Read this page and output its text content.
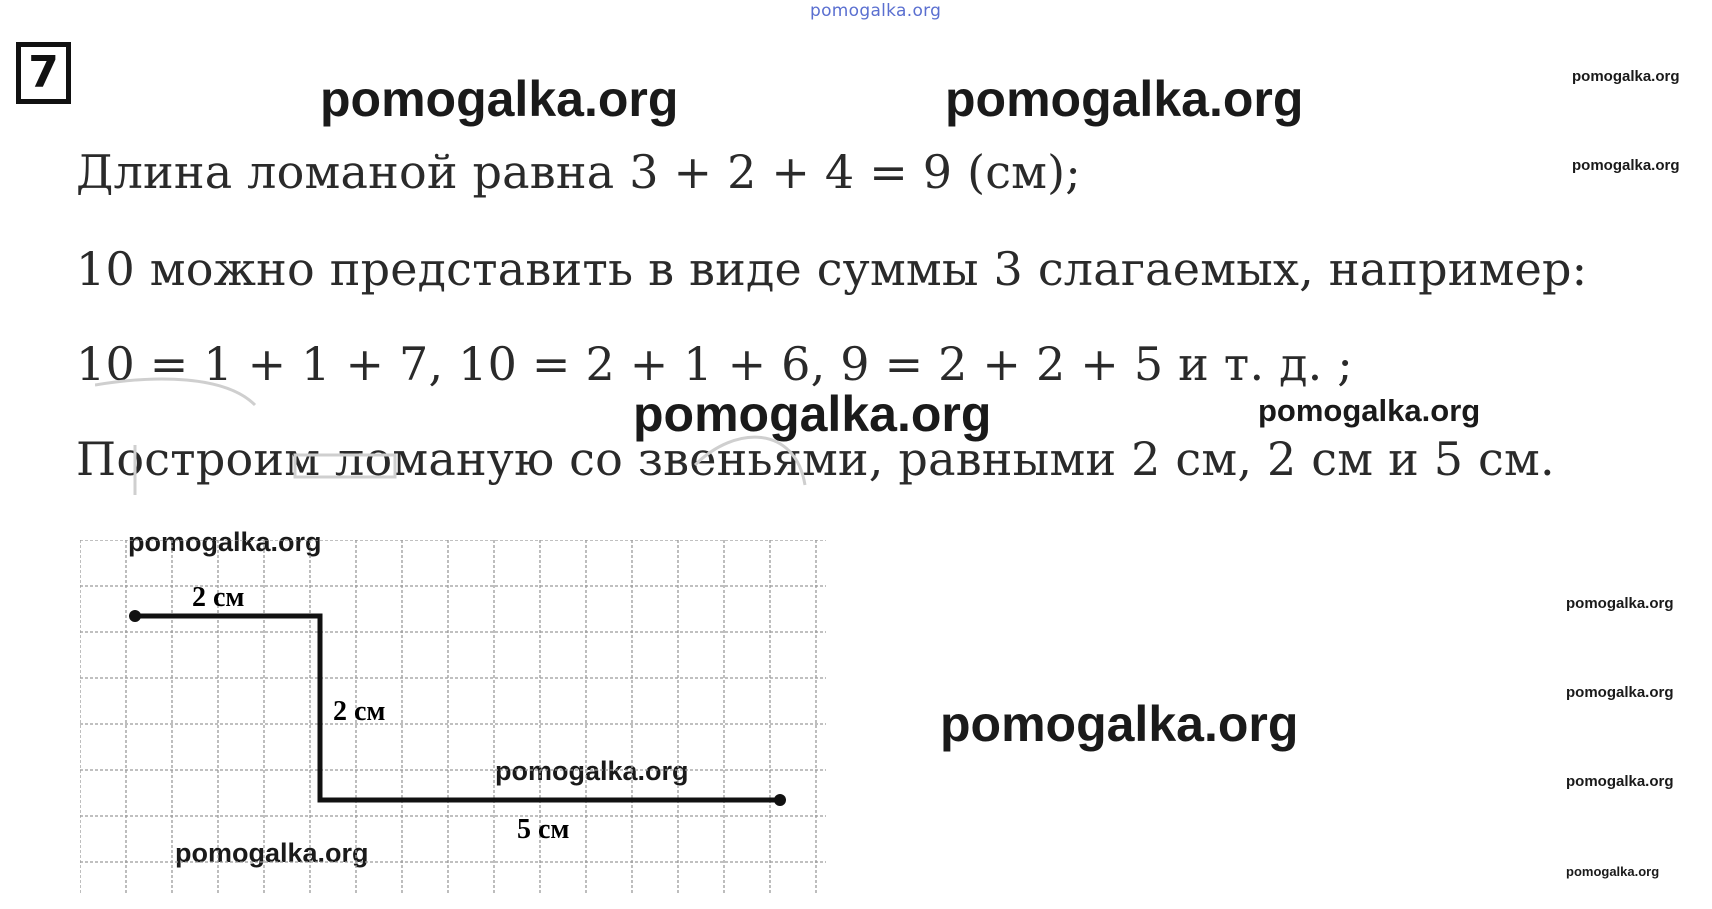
pomogalka.org
7	pomogalka.org	pomogalka.org
pomogalka.org
pomogalka.org
pomogalka.org
pomogalka.org
pomogalka.org
pomogalka.org
pomogalka.org
pomogalka.org
pomogalka.org
pomogalka.org
pomogalka.org
pomogalka.org
Длина ломаной равна 3 + 2 + 4 = 9 (см);
10 можно представить в виде суммы 3 слагаемых, например:
10 = 1 + 1 + 7, 10 = 2 + 1 + 6, 9 = 2 + 2 + 5 и т. д. ;
Построим ломаную со звеньями, равными 2 см, 2 см и 5 см.
2 см
2 см
5 см
